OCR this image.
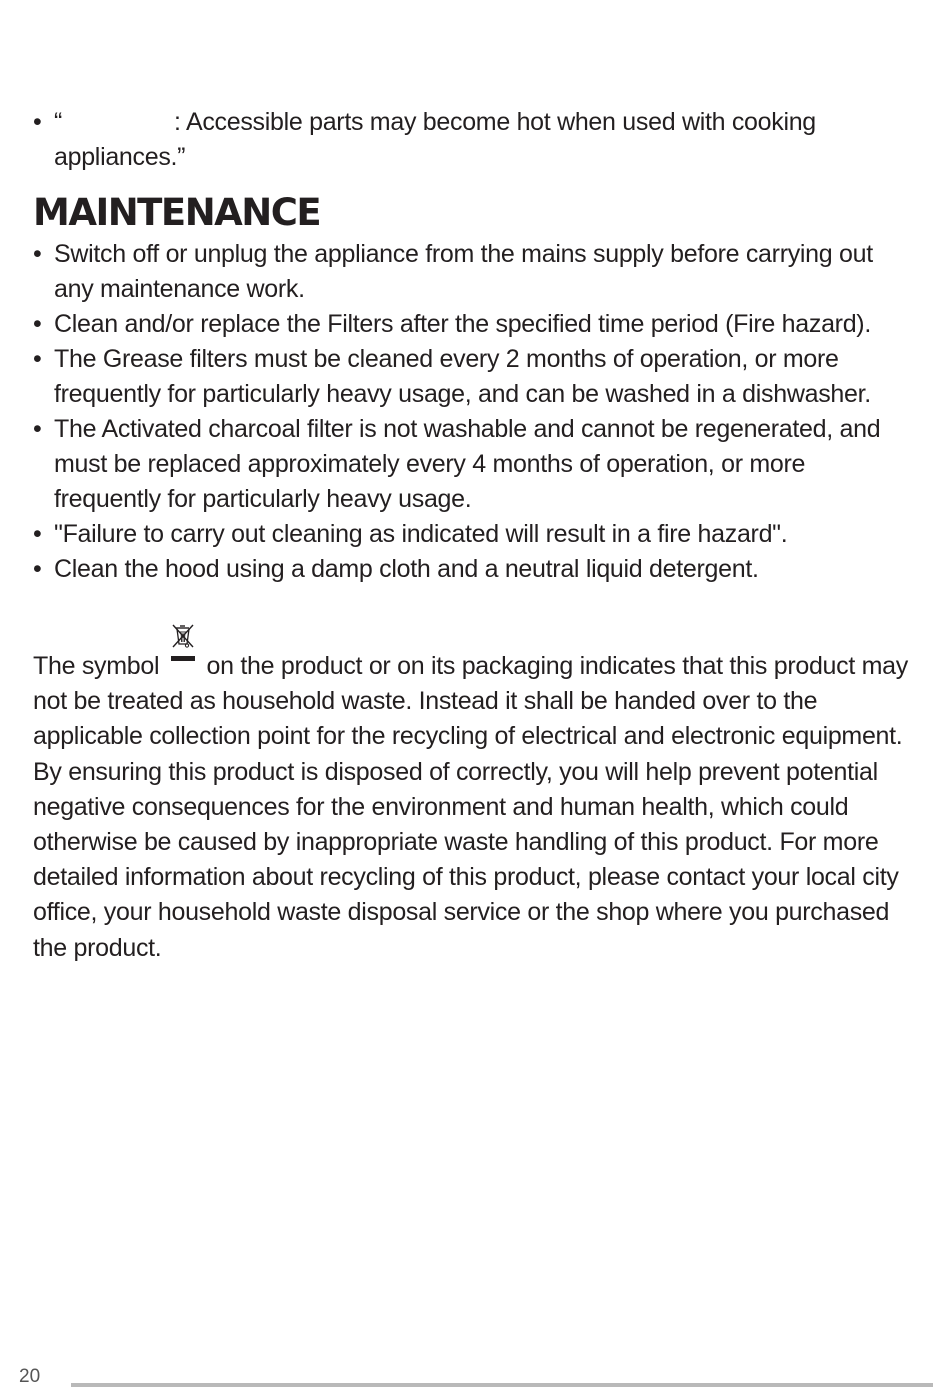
• “	: Accessible parts may become hot when used with cooking appliances.”
MAINTENANCE
• Switch off or unplug the appliance from the mains supply before carrying out any maintenance work.
• Clean and/or replace the Filters after the specified time period (Fire hazard).
• The Grease filters must be cleaned every 2 months of operation, or more frequently for particularly heavy usage, and can be washed in a dishwasher.
• The Activated charcoal filter is not washable and cannot be regenerated, and must be replaced approximately every 4 months of operation, or more frequently for particularly heavy usage.
• "Failure to carry out cleaning as indicated will result in a fire hazard".
• Clean the hood using a damp cloth and a neutral liquid detergent.

The symbol on the product or on its packaging indicates that this product may not be treated as household waste. Instead it shall be handed over to the applicable collection point for the recycling of electrical and electronic equipment. By ensuring this product is disposed of correctly, you will help prevent potential negative consequences for the environment and human health, which could otherwise be caused by inappropriate waste handling of this product. For more detailed information about recycling of this product, please contact your local city office, your household waste disposal service or the shop where you purchased the product.

20
